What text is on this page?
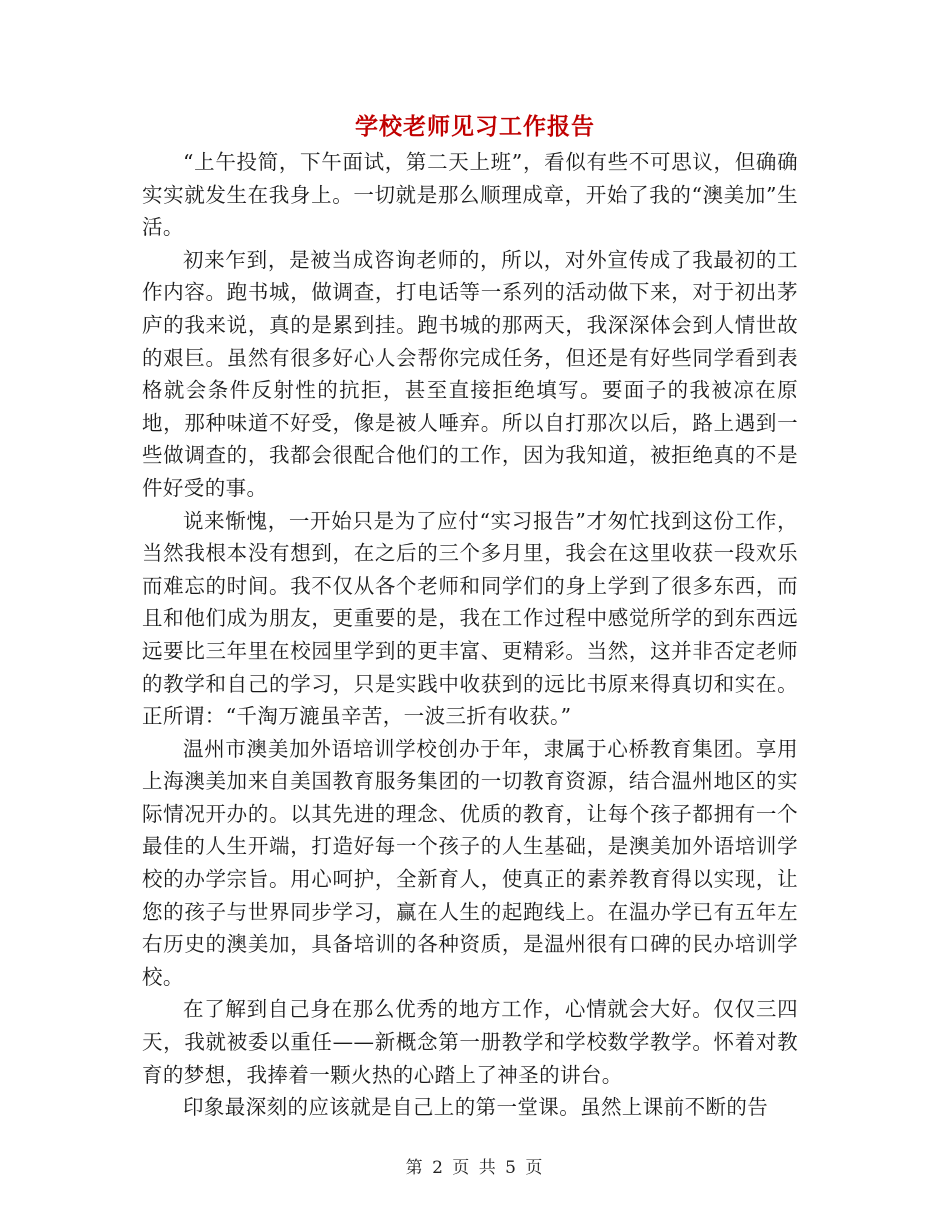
学校老师见习工作报告

“上午投简，下午面试，第二天上班”，看似有些不可思议，但确确实实就发生在我身上。一切就是那么顺理成章，开始了我的“澳美加”生活。

初来乍到，是被当成咨询老师的，所以，对外宣传成了我最初的工作内容。跑书城，做调查，打电话等一系列的活动做下来，对于初出茅庐的我来说，真的是累到挂。跑书城的那两天，我深深体会到人情世故的艰巨。虽然有很多好心人会帮你完成任务，但还是有好些同学看到表格就会条件反射性的抗拒，甚至直接拒绝填写。要面子的我被凉在原地，那种味道不好受，像是被人唾弃。所以自打那次以后，路上遇到一些做调查的，我都会很配合他们的工作，因为我知道，被拒绝真的不是件好受的事。

说来惭愧，一开始只是为了应付“实习报告”才匆忙找到这份工作，当然我根本没有想到，在之后的三个多月里，我会在这里收获一段欢乐而难忘的时间。我不仅从各个老师和同学们的身上学到了很多东西，而且和他们成为朋友，更重要的是，我在工作过程中感觉所学的到东西远远要比三年里在校园里学到的更丰富、更精彩。当然，这并非否定老师的教学和自己的学习，只是实践中收获到的远比书原来得真切和实在。正所谓：“千淘万漉虽辛苦，一波三折有收获。”

温州市澳美加外语培训学校创办于年，隶属于心桥教育集团。享用上海澳美加来自美国教育服务集团的一切教育资源，结合温州地区的实际情况开办的。以其先进的理念、优质的教育，让每个孩子都拥有一个最佳的人生开端，打造好每一个孩子的人生基础，是澳美加外语培训学校的办学宗旨。用心呵护，全新育人，使真正的素养教育得以实现，让您的孩子与世界同步学习，赢在人生的起跑线上。在温办学已有五年左右历史的澳美加，具备培训的各种资质，是温州很有口碑的民办培训学校。

在了解到自己身在那么优秀的地方工作，心情就会大好。仅仅三四天，我就被委以重任——新概念第一册教学和学校数学教学。怀着对教育的梦想，我捧着一颗火热的心踏上了神圣的讲台。

印象最深刻的应该就是自己上的第一堂课。虽然上课前不断的告

第 2 页 共 5 页
